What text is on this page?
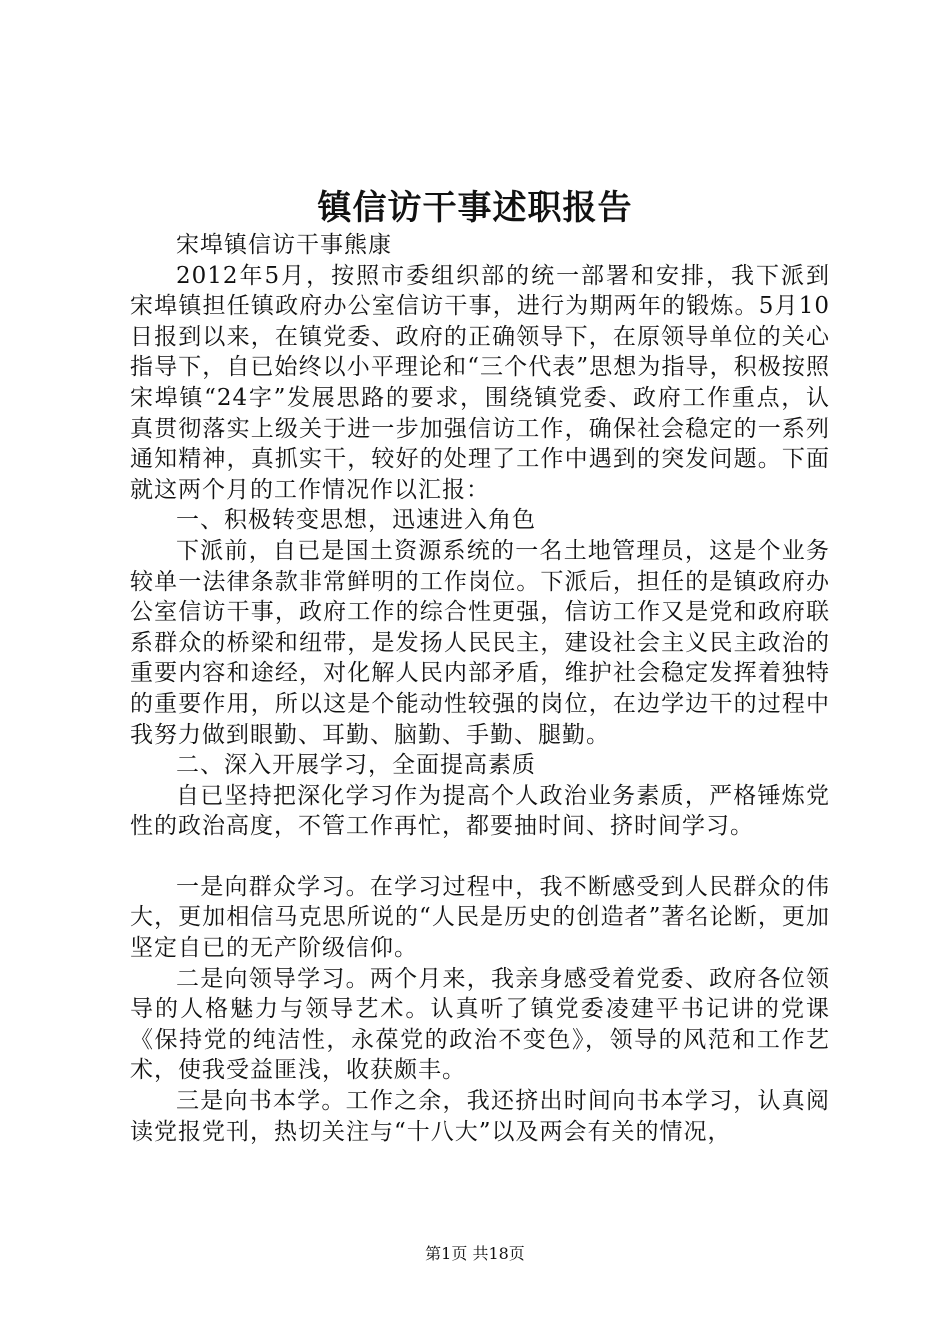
镇信访干事述职报告

宋埠镇信访干事熊康

2012年5月，按照市委组织部的统一部署和安排，我下派到宋埠镇担任镇政府办公室信访干事，进行为期两年的锻炼。5月10日报到以来，在镇党委、政府的正确领导下，在原领导单位的关心指导下，自已始终以小平理论和“三个代表”思想为指导，积极按照宋埠镇“24字”发展思路的要求，围绕镇党委、政府工作重点，认真贯彻落实上级关于进一步加强信访工作，确保社会稳定的一系列通知精神，真抓实干，较好的处理了工作中遇到的突发问题。下面就这两个月的工作情况作以汇报：

一、积极转变思想，迅速进入角色

下派前，自已是国土资源系统的一名土地管理员，这是个业务较单一法律条款非常鲜明的工作岗位。下派后，担任的是镇政府办公室信访干事，政府工作的综合性更强，信访工作又是党和政府联系群众的桥梁和纽带，是发扬人民民主，建设社会主义民主政治的重要内容和途经，对化解人民内部矛盾，维护社会稳定发挥着独特的重要作用，所以这是个能动性较强的岗位，在边学边干的过程中我努力做到眼勤、耳勤、脑勤、手勤、腿勤。

二、深入开展学习，全面提高素质

自已坚持把深化学习作为提高个人政治业务素质，严格锤炼党性的政治高度，不管工作再忙，都要抽时间、挤时间学习。

一是向群众学习。在学习过程中，我不断感受到人民群众的伟大，更加相信马克思所说的“人民是历史的创造者”著名论断，更加坚定自已的无产阶级信仰。

二是向领导学习。两个月来，我亲身感受着党委、政府各位领导的人格魅力与领导艺术。认真听了镇党委凌建平书记讲的党课《保持党的纯洁性，永葆党的政治不变色》，领导的风范和工作艺术，使我受益匪浅，收获颇丰。

三是向书本学。工作之余，我还挤出时间向书本学习，认真阅读党报党刊，热切关注与“十八大”以及两会有关的情况，

第1页 共18页
